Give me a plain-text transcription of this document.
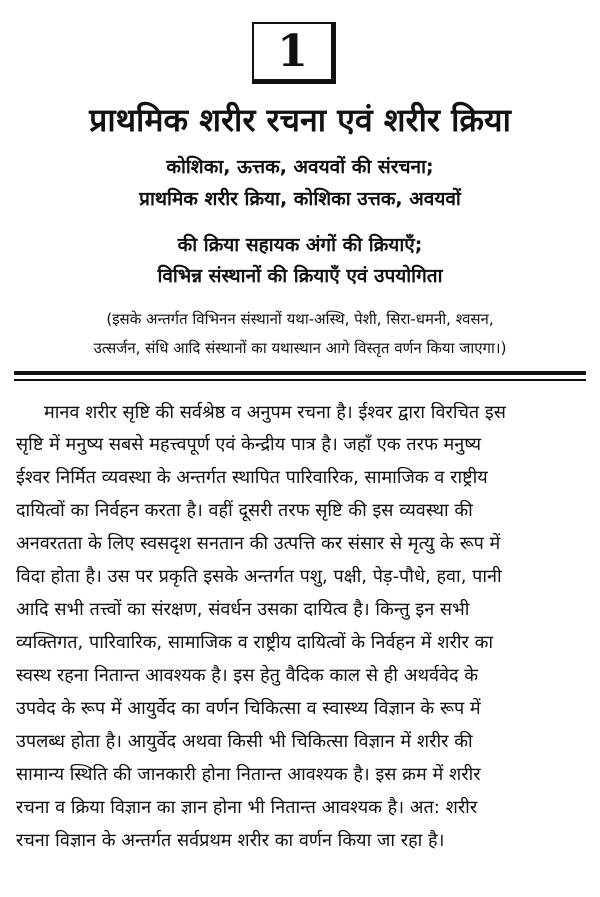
1
प्राथमिक शरीर रचना एवं शरीर क्रिया
कोशिका, ऊत्तक, अवयवों की संरचना;
प्राथमिक शरीर क्रिया, कोशिका उत्तक, अवयवों
की क्रिया सहायक अंगों की क्रियाएँ;
विभिन्न संस्थानों की क्रियाएँ एवं उपयोगिता
(इसके अन्तर्गत विभिनन संस्थानों यथा-अस्थि, पेशी, सिरा-धमनी, श्वसन,
उत्सर्जन, संधि आदि संस्थानों का यथास्थान आगे विस्तृत वर्णन किया जाएगा।)
मानव शरीर सृष्टि की सर्वश्रेष्ठ व अनुपम रचना है। ईश्वर द्वारा विरचित इस
सृष्टि में मनुष्य सबसे महत्त्वपूर्ण एवं केन्द्रीय पात्र है। जहाँ एक तरफ मनुष्य
ईश्वर निर्मित व्यवस्था के अन्तर्गत स्थापित पारिवारिक, सामाजिक व राष्ट्रीय
दायित्वों का निर्वहन करता है। वहीं दूसरी तरफ सृष्टि की इस व्यवस्था की
अनवरतता के लिए स्वसदृश सनतान की उत्पत्ति कर संसार से मृत्यु के रूप में
विदा होता है। उस पर प्रकृति इसके अन्तर्गत पशु, पक्षी, पेड़-पौधे, हवा, पानी
आदि सभी तत्त्वों का संरक्षण, संवर्धन उसका दायित्व है। किन्तु इन सभी
व्यक्तिगत, पारिवारिक, सामाजिक व राष्ट्रीय दायित्वों के निर्वहन में शरीर का
स्वस्थ रहना नितान्त आवश्यक है। इस हेतु वैदिक काल से ही अथर्ववेद के
उपवेद के रूप में आयुर्वेद का वर्णन चिकित्सा व स्वास्थ्य विज्ञान के रूप में
उपलब्ध होता है। आयुर्वेद अथवा किसी भी चिकित्सा विज्ञान में शरीर की
सामान्य स्थिति की जानकारी होना नितान्त आवश्यक है। इस क्रम में शरीर
रचना व क्रिया विज्ञान का ज्ञान होना भी नितान्त आवश्यक है। अत: शरीर
रचना विज्ञान के अन्तर्गत सर्वप्रथम शरीर का वर्णन किया जा रहा है।
